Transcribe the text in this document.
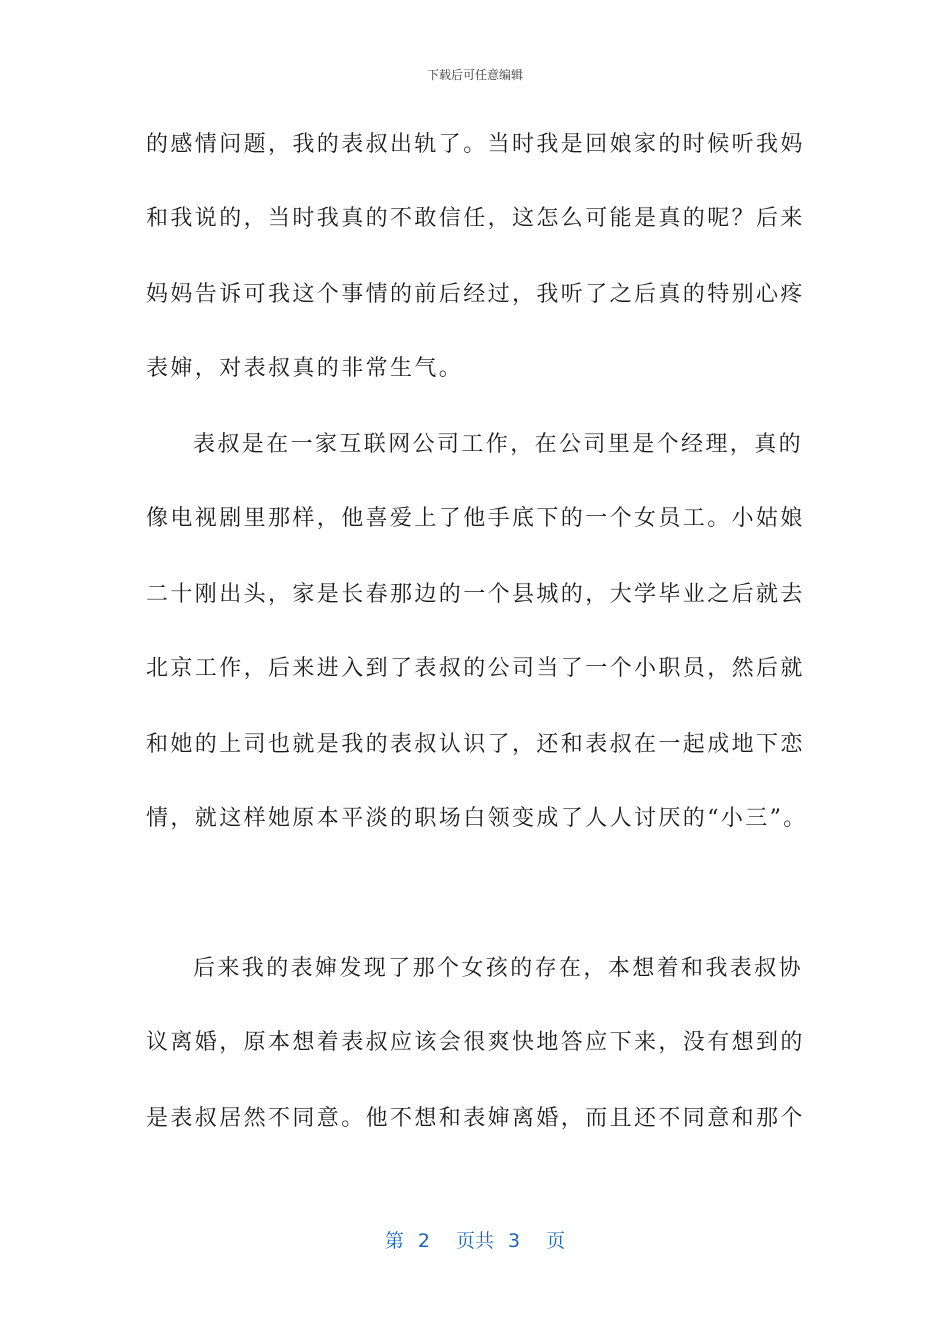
下载后可任意编辑
的感情问题，我的表叔出轨了。当时我是回娘家的时候听我妈
和我说的，当时我真的不敢信任，这怎么可能是真的呢？后来
妈妈告诉可我这个事情的前后经过，我听了之后真的特别心疼
表婶，对表叔真的非常生气。
表叔是在一家互联网公司工作，在公司里是个经理，真的
像电视剧里那样，他喜爱上了他手底下的一个女员工。小姑娘
二十刚出头，家是长春那边的一个县城的，大学毕业之后就去
北京工作，后来进入到了表叔的公司当了一个小职员，然后就
和她的上司也就是我的表叔认识了，还和表叔在一起成地下恋
情，就这样她原本平淡的职场白领变成了人人讨厌的“小三”。
后来我的表婶发现了那个女孩的存在，本想着和我表叔协
议离婚，原本想着表叔应该会很爽快地答应下来，没有想到的
是表叔居然不同意。他不想和表婶离婚，而且还不同意和那个
第 2 页共 3 页
